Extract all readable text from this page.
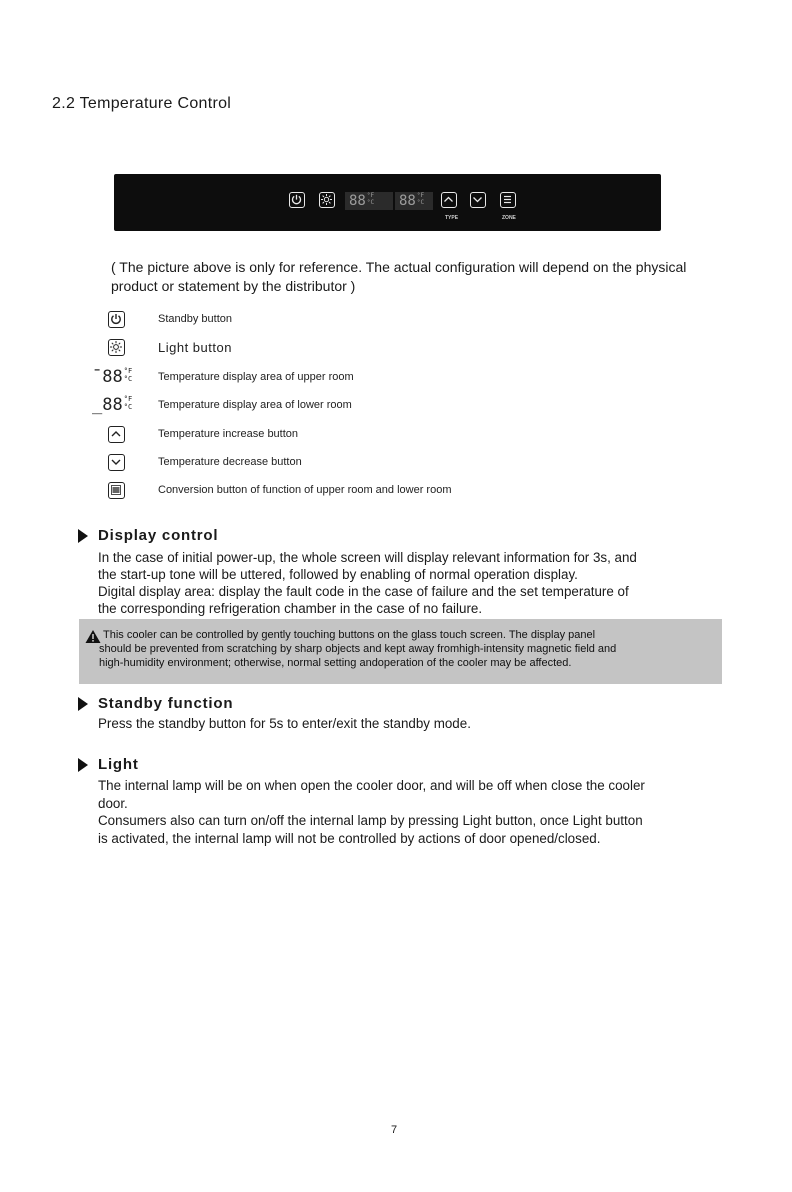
2.2 Temperature Control
88°F
°C	88°F
°C
TYPE	ZONE
( The picture above is only for reference. The actual configuration will depend on the physical product or statement by the distributor )
Standby button
Light button
¯88°F
°C Temperature display area of upper room
_88°F
°C Temperature display area of lower room
Temperature increase button
Temperature decrease button
Conversion button of function of upper room and lower room
Display control
In the case of initial power-up, the whole screen will display relevant information for 3s, and
the start-up tone will be uttered, followed by enabling of normal operation display.
Digital display area: display the fault code in the case of failure and the set temperature of
the corresponding refrigeration chamber in the case of no failure.
This cooler can be controlled by gently touching buttons on the glass touch screen. The display panel
should be prevented from scratching by sharp objects and kept away fromhigh-intensity magnetic field and
high-humidity environment; otherwise, normal setting andoperation of the cooler may be affected.
Standby function
Press the standby button for 5s to enter/exit the standby mode.
Light
The internal lamp will be on when open the cooler door, and will be off when close the cooler
door.
Consumers also can turn on/off the internal lamp by pressing Light button, once Light button
is activated, the internal lamp will not be controlled by actions of door opened/closed.
7
